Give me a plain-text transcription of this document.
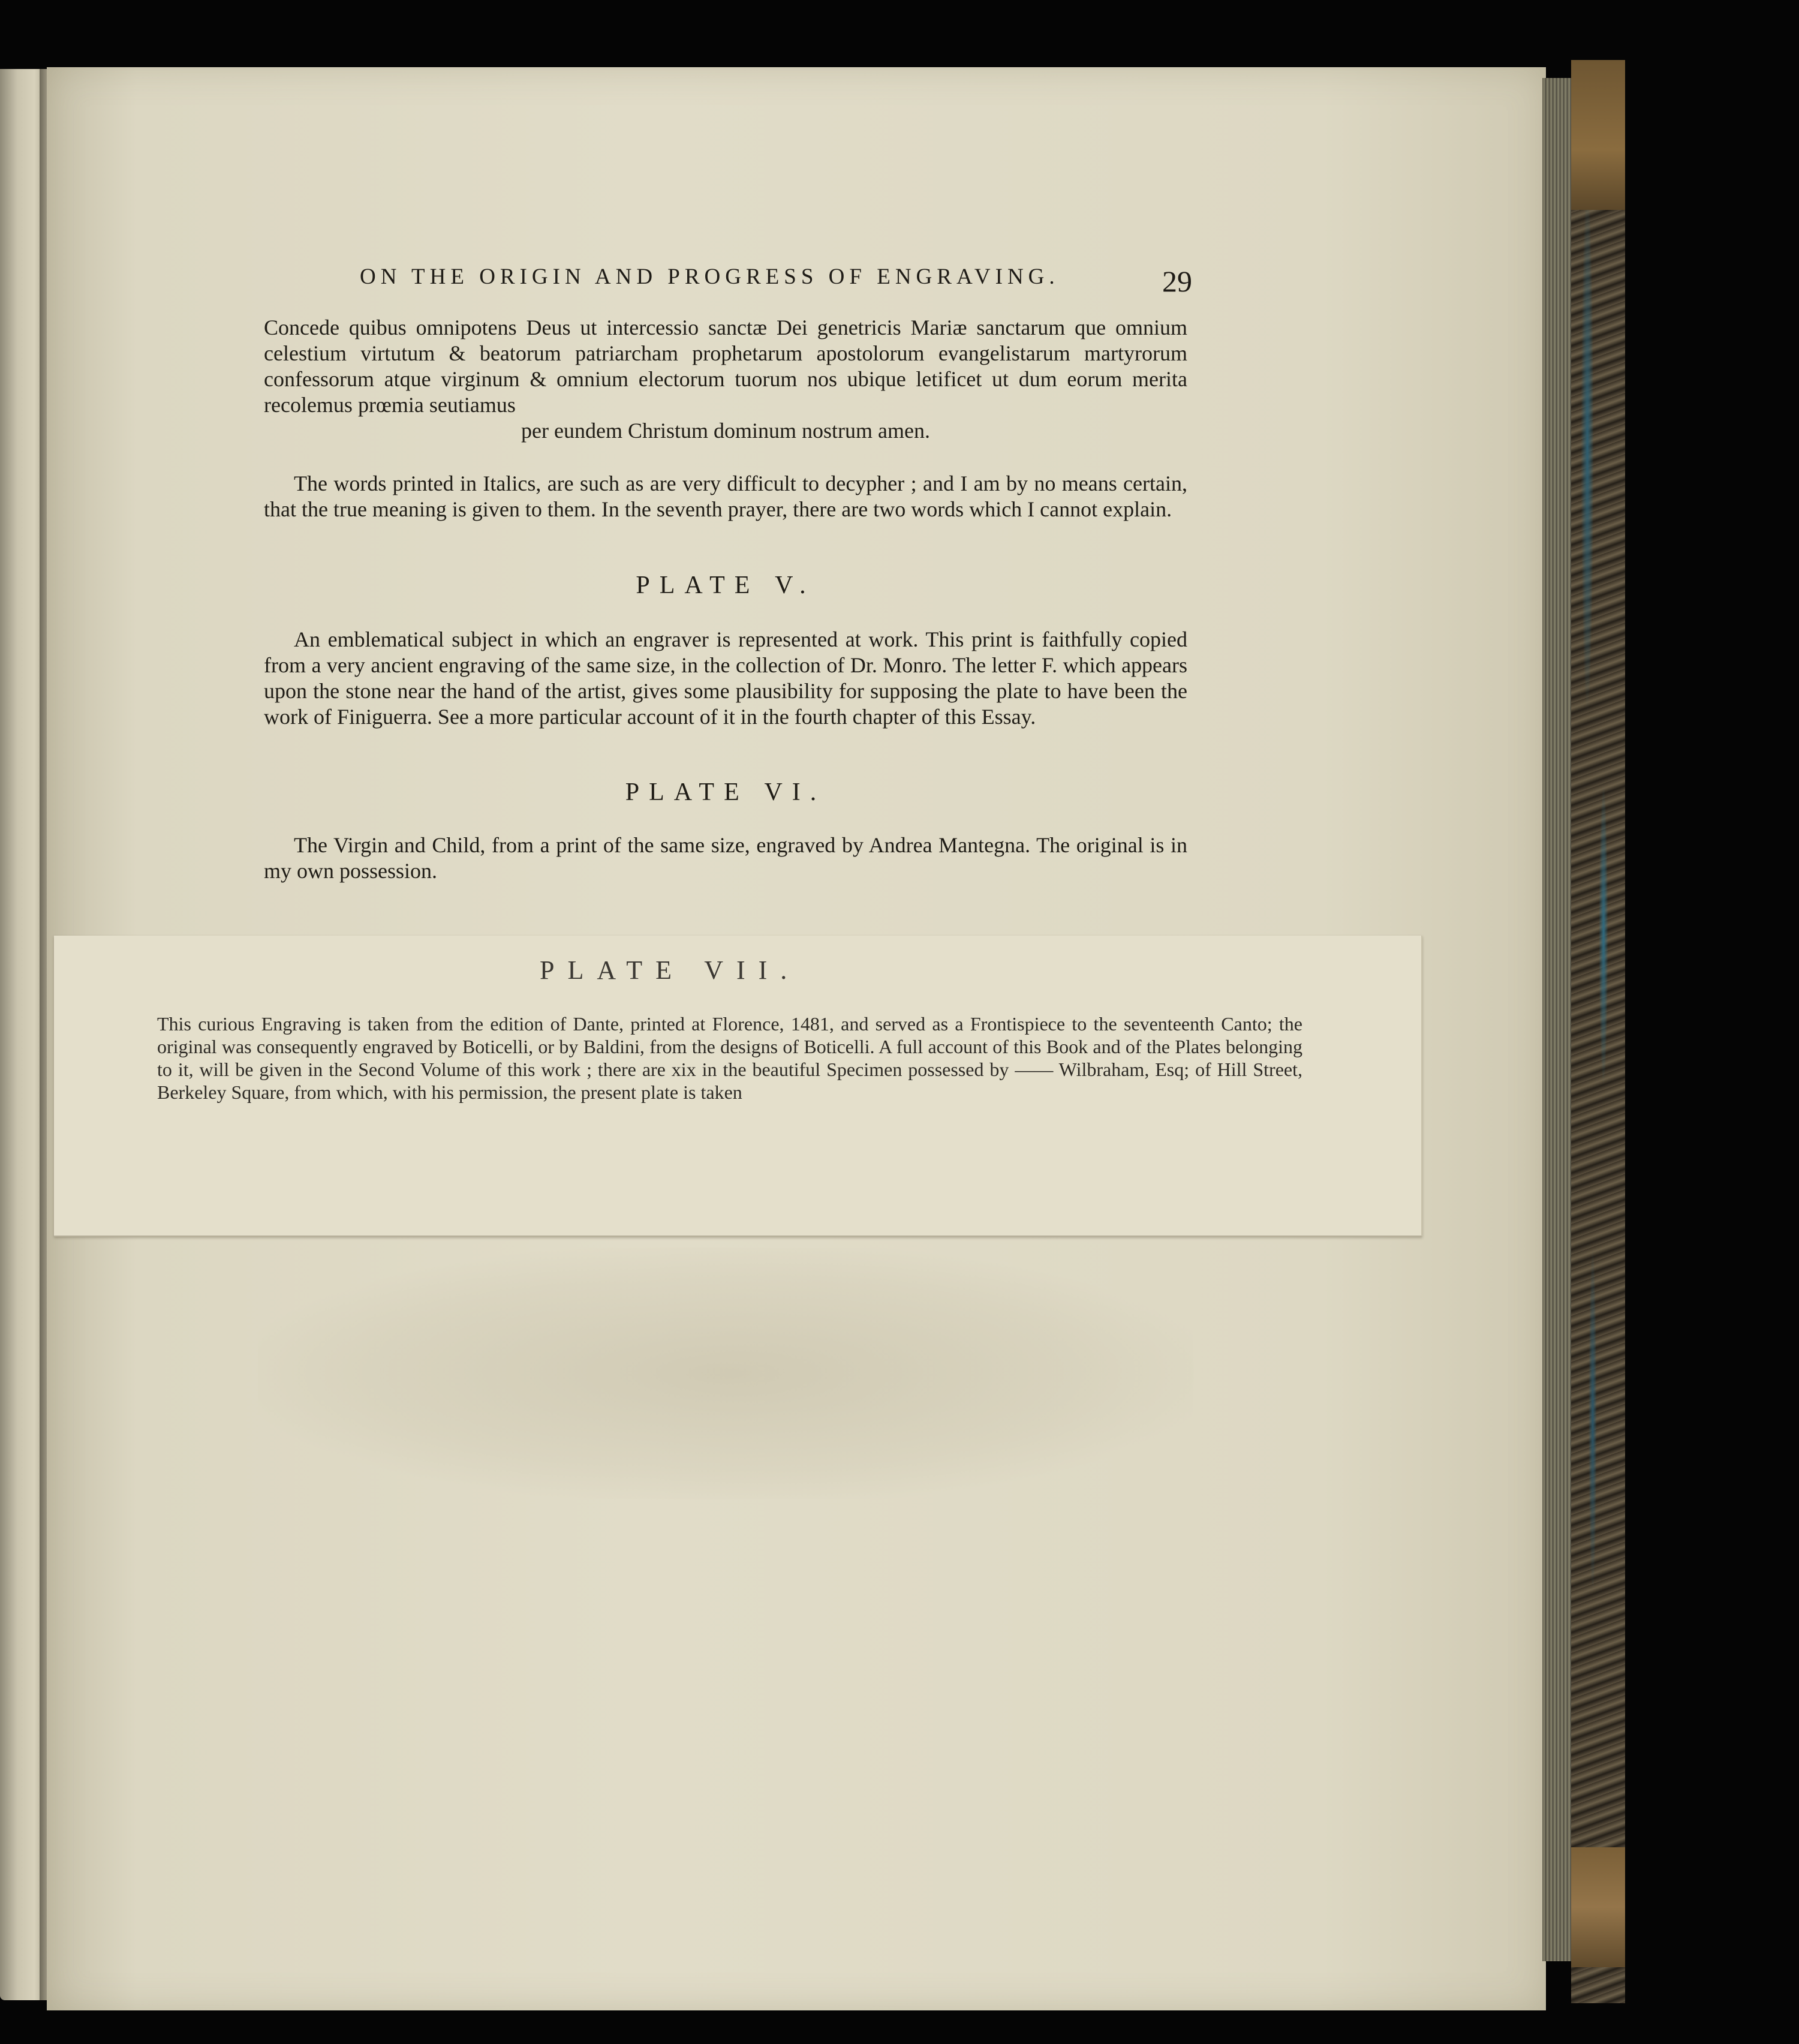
ON THE ORIGIN AND PROGRESS OF ENGRAVING.	29
Concede quibus omnipotens Deus ut intercessio sanctæ Dei genetricis Mariæ sanctarum que omnium celestium virtutum & beatorum patriarcham prophetarum apostolorum evangelistarum martyrorum confessorum atque virginum & omnium electorum tuorum nos ubique letificet ut dum eorum merita recolemus prœmia seutiamus
per eundem Christum dominum nostrum amen.

The words printed in Italics, are such as are very difficult to decypher ; and I am by no means certain, that the true meaning is given to them. In the seventh prayer, there are two words which I cannot explain.

PLATE V.

An emblematical subject in which an engraver is represented at work. This print is faithfully copied from a very ancient engraving of the same size, in the collection of Dr. Monro. The letter F. which appears upon the stone near the hand of the artist, gives some plausibility for supposing the plate to have been the work of Finiguerra. See a more particular account of it in the fourth chapter of this Essay.

PLATE VI.

The Virgin and Child, from a print of the same size, engraved by Andrea Mantegna. The original is in my own possession.

PLATE VII.
This curious Engraving is taken from the edition of Dante, printed at Florence, 1481, and served as a Frontispiece to the seventeenth Canto; the original was consequently engraved by Boticelli, or by Baldini, from the designs of Boticelli. A full account of this Book and of the Plates belonging to it, will be given in the Second Volume of this work ; there are xix in the beautiful Specimen possessed by —— Wilbraham, Esq; of Hill Street, Berkeley Square, from which, with his permission, the present plate is taken
